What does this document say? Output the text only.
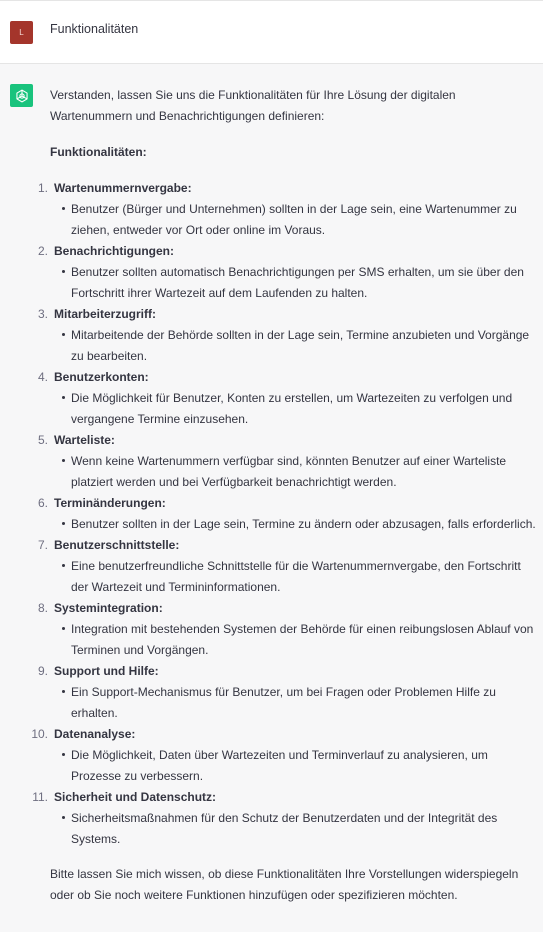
L Funktionalitäten

Verstanden, lassen Sie uns die Funktionalitäten für Ihre Lösung der digitalen Wartenummern und Benachrichtigungen definieren:

Funktionalitäten:
1. Wartenummernvergabe:
Benutzer (Bürger und Unternehmen) sollten in der Lage sein, eine Wartenummer zu ziehen, entweder vor Ort oder online im Voraus.
2. Benachrichtigungen:
Benutzer sollten automatisch Benachrichtigungen per SMS erhalten, um sie über den Fortschritt ihrer Wartezeit auf dem Laufenden zu halten.
3. Mitarbeiterzugriff:
Mitarbeitende der Behörde sollten in der Lage sein, Termine anzubieten und Vorgänge zu bearbeiten.
4. Benutzerkonten:
Die Möglichkeit für Benutzer, Konten zu erstellen, um Wartezeiten zu verfolgen und vergangene Termine einzusehen.
5. Warteliste:
Wenn keine Wartenummern verfügbar sind, könnten Benutzer auf einer Warteliste platziert werden und bei Verfügbarkeit benachrichtigt werden.
6. Terminänderungen:
Benutzer sollten in der Lage sein, Termine zu ändern oder abzusagen, falls erforderlich.
7. Benutzerschnittstelle:
Eine benutzerfreundliche Schnittstelle für die Wartenummernvergabe, den Fortschritt der Wartezeit und Termininformationen.
8. Systemintegration:
Integration mit bestehenden Systemen der Behörde für einen reibungslosen Ablauf von Terminen und Vorgängen.
9. Support und Hilfe:
Ein Support-Mechanismus für Benutzer, um bei Fragen oder Problemen Hilfe zu erhalten.
10. Datenanalyse:
Die Möglichkeit, Daten über Wartezeiten und Terminverlauf zu analysieren, um Prozesse zu verbessern.
11. Sicherheit und Datenschutz:
Sicherheitsmaßnahmen für den Schutz der Benutzerdaten und der Integrität des Systems.

Bitte lassen Sie mich wissen, ob diese Funktionalitäten Ihre Vorstellungen widerspiegeln oder ob Sie noch weitere Funktionen hinzufügen oder spezifizieren möchten.
